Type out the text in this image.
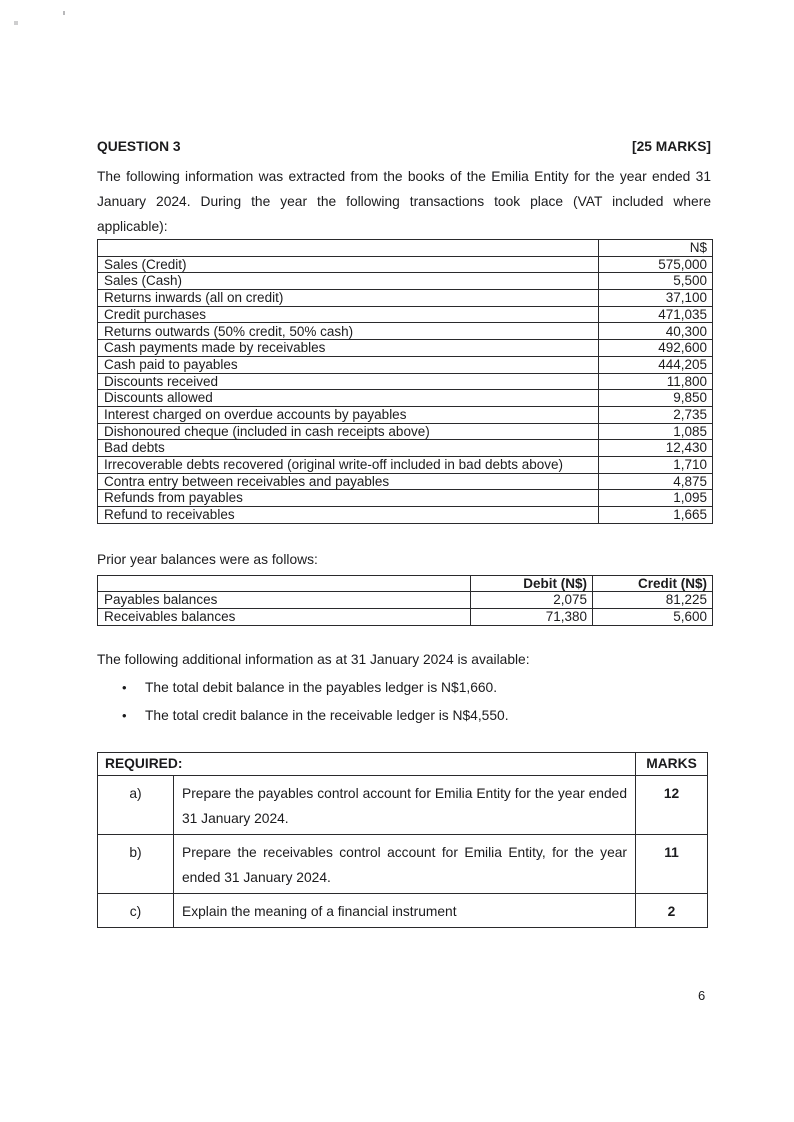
QUESTION 3	[25 MARKS]

The following information was extracted from the books of the Emilia Entity for the year ended 31 January 2024. During the year the following transactions took place (VAT included where applicable):

	N$
Sales (Credit)	575,000
Sales (Cash)	5,500
Returns inwards (all on credit)	37,100
Credit purchases	471,035
Returns outwards (50% credit, 50% cash)	40,300
Cash payments made by receivables	492,600
Cash paid to payables	444,205
Discounts received	11,800
Discounts allowed	9,850
Interest charged on overdue accounts by payables	2,735
Dishonoured cheque (included in cash receipts above)	1,085
Bad debts	12,430
Irrecoverable debts recovered (original write-off included in bad debts above)	1,710
Contra entry between receivables and payables	4,875
Refunds from payables	1,095
Refund to receivables	1,665

Prior year balances were as follows:

	Debit (N$)	Credit (N$)
Payables balances	2,075	81,225
Receivables balances	71,380	5,600

The following additional information as at 31 January 2024 is available:

•	The total debit balance in the payables ledger is N$1,660.
•	The total credit balance in the receivable ledger is N$4,550.
REQUIRED:		MARKS
a)	Prepare the payables control account for Emilia Entity for the year ended 31 January 2024.	12
b)	Prepare the receivables control account for Emilia Entity, for the year ended 31 January 2024.	11
c)	Explain the meaning of a financial instrument	2
6
